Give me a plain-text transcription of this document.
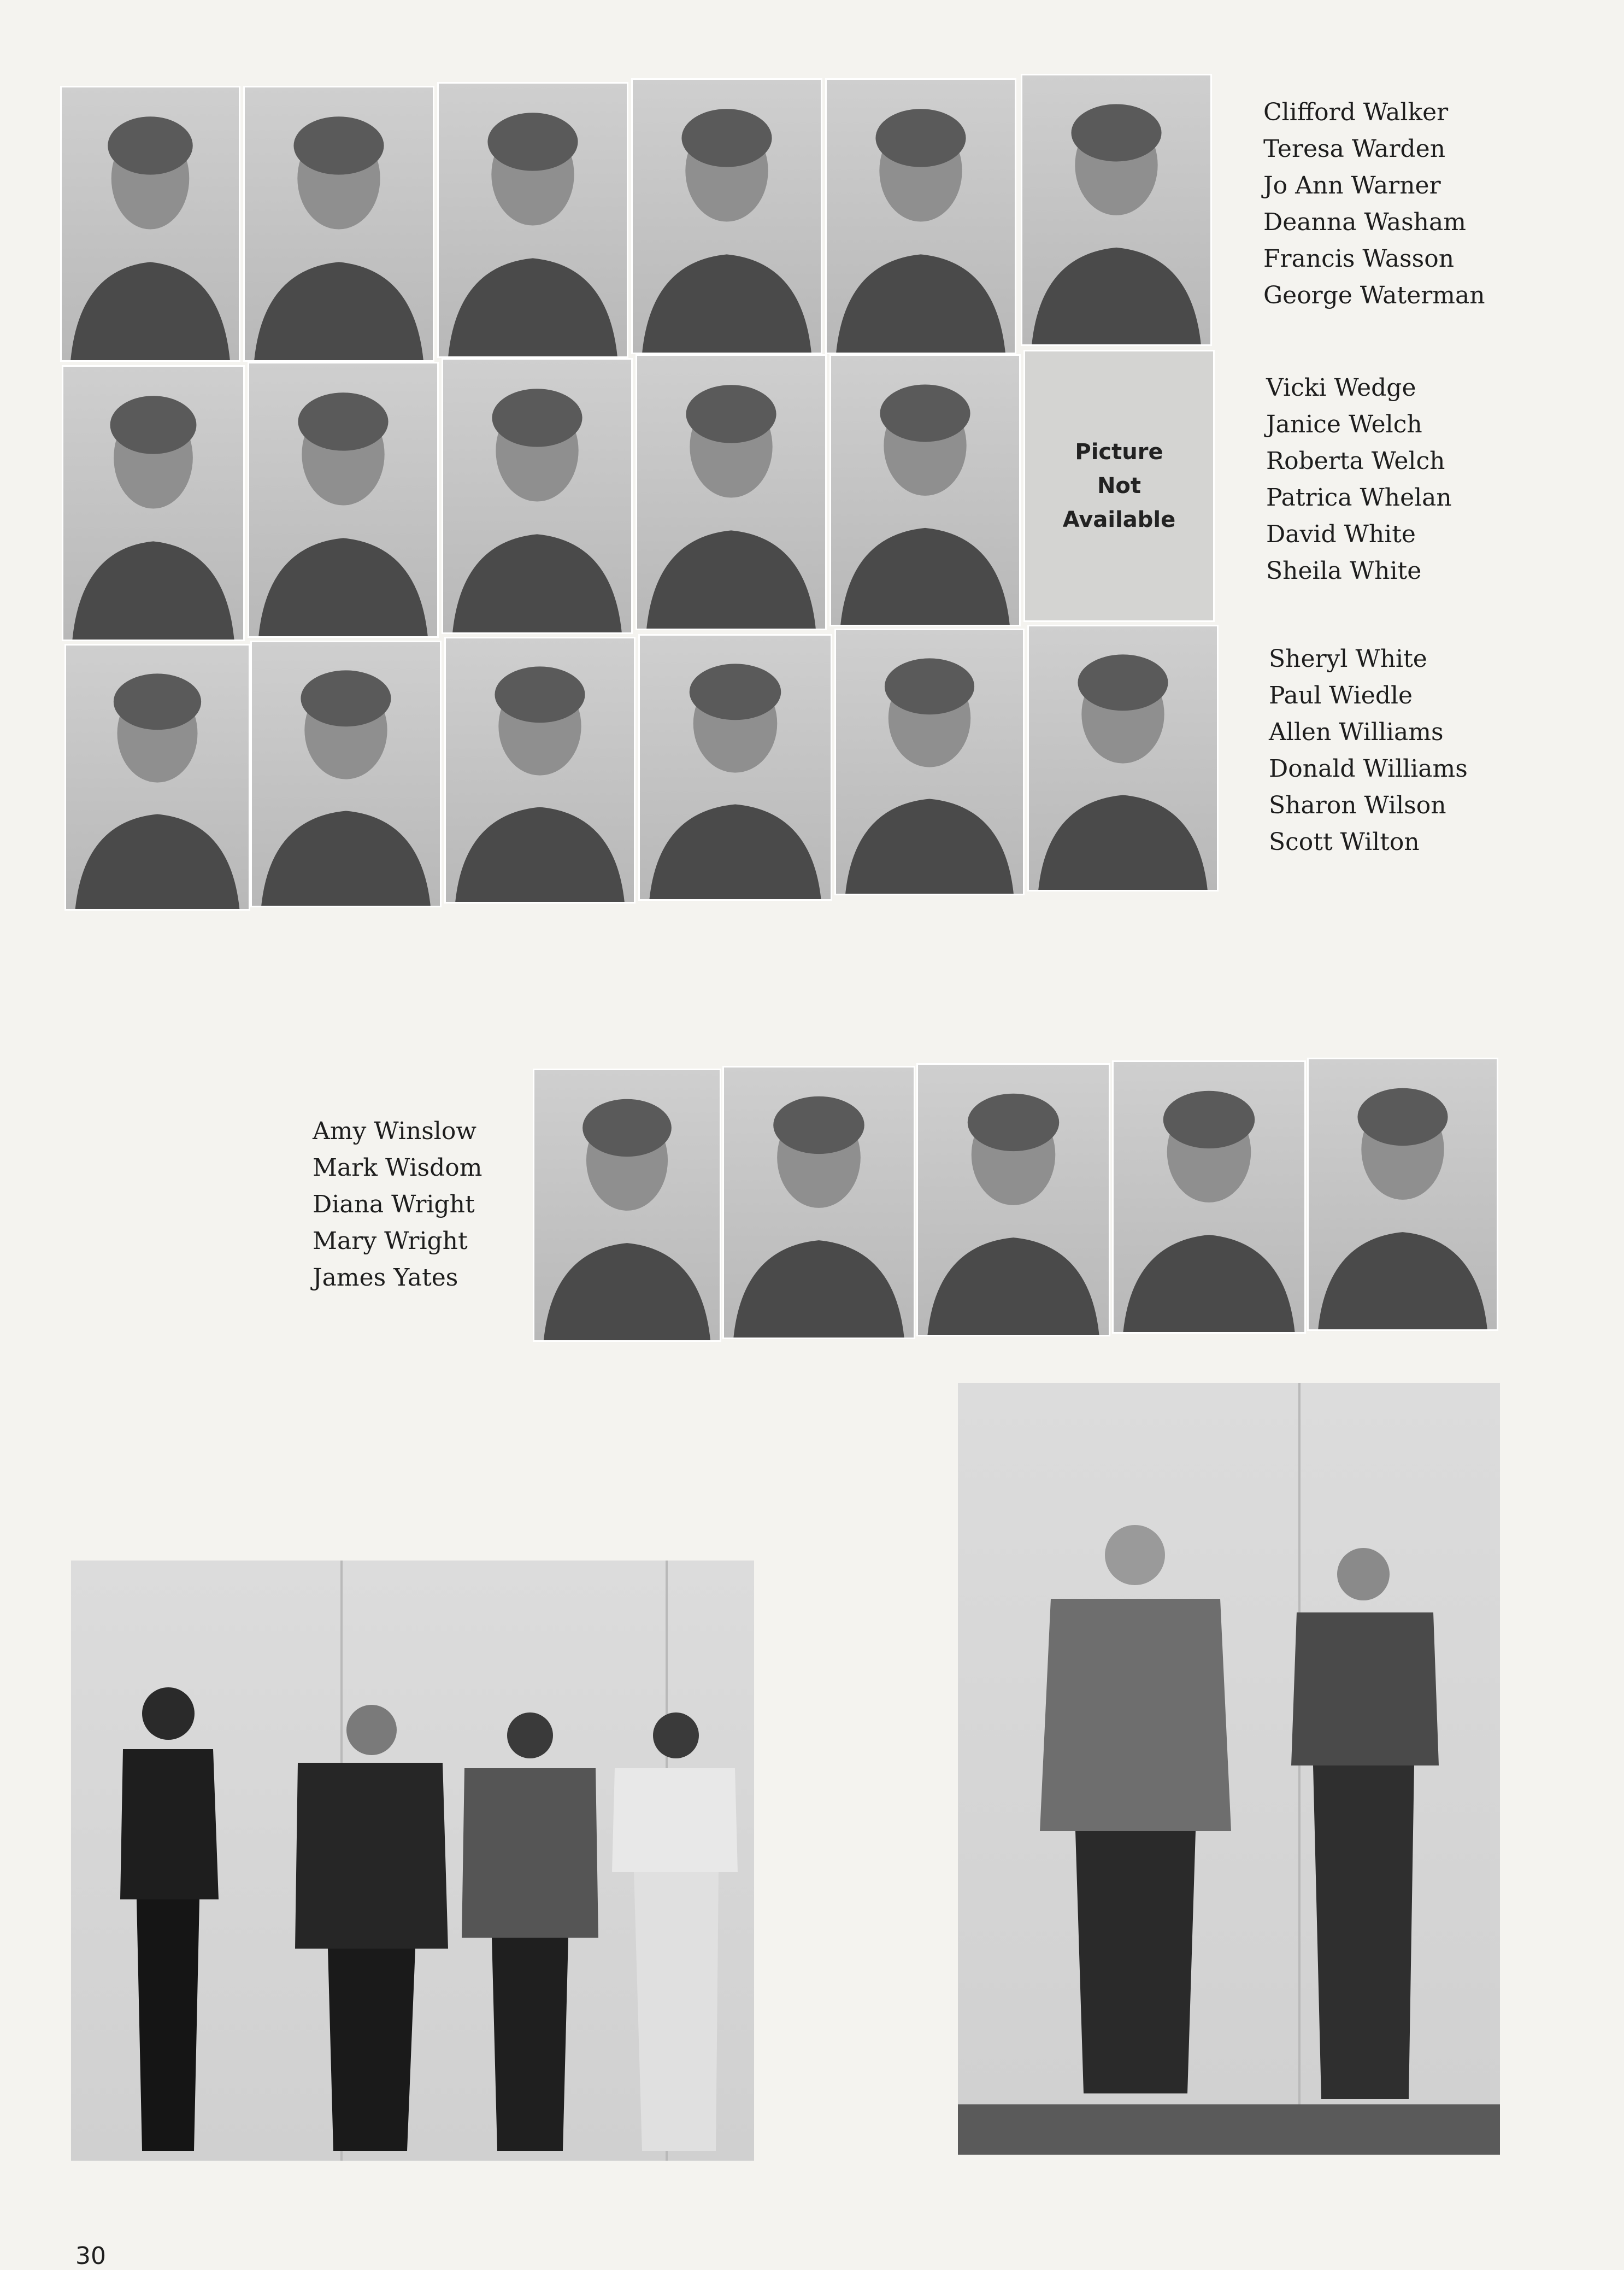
Picture
Not
Available
Clifford Walker
Teresa Warden
Jo Ann Warner
Deanna Washam
Francis Wasson
George Waterman
Vicki Wedge
Janice Welch
Roberta Welch
Patrica Whelan
David White
Sheila White
Sheryl White
Paul Wiedle
Allen Williams
Donald Williams
Sharon Wilson
Scott Wilton
Amy Winslow
Mark Wisdom
Diana Wright
Mary Wright
James Yates
30
